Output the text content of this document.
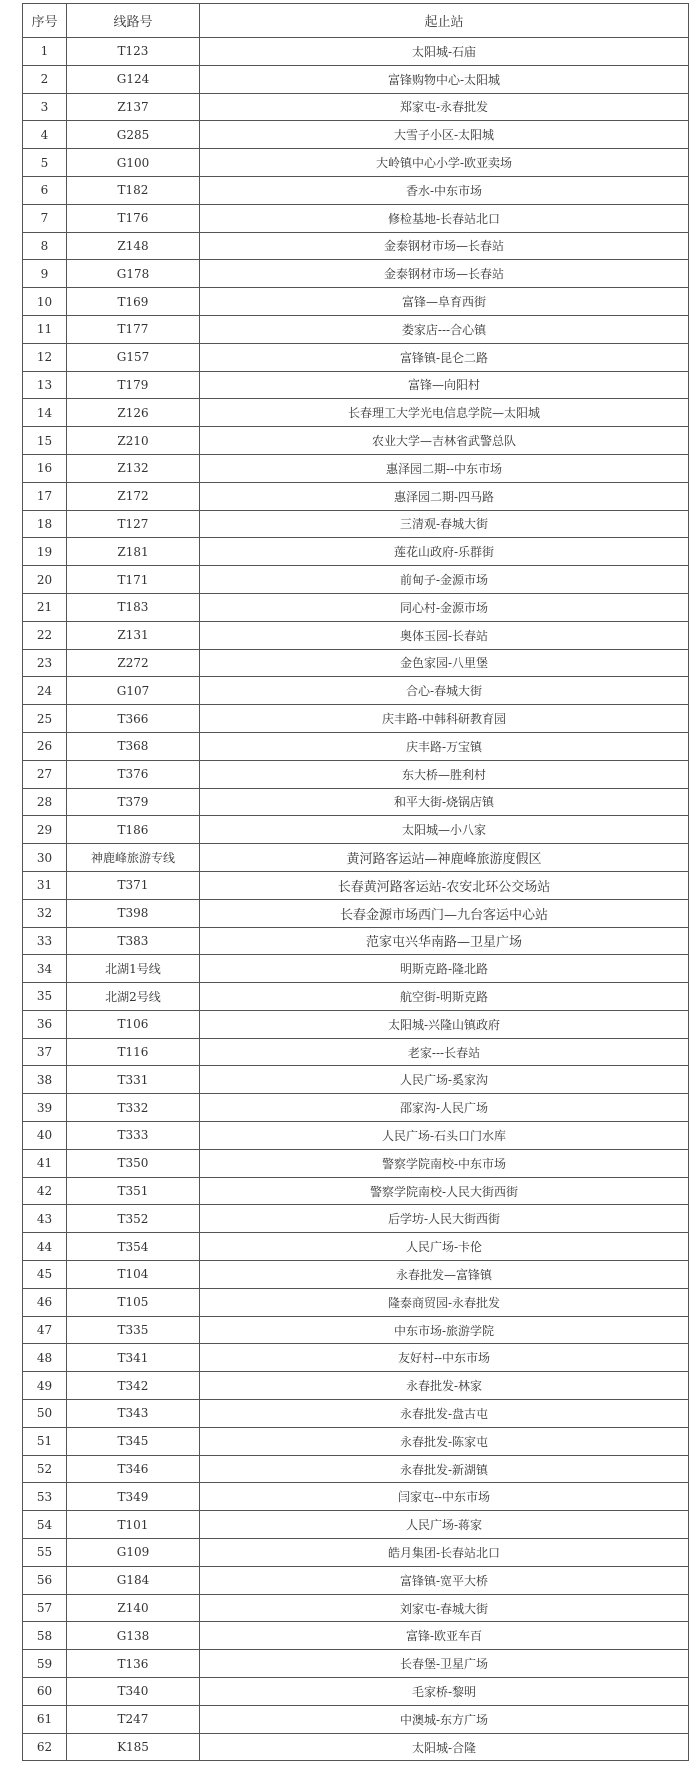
序号	线路号	起止站
1	T123	太阳城-石庙
2	G124	富锋购物中心-太阳城
3	Z137	郑家屯-永春批发
4	G285	大雪子小区-太阳城
5	G100	大岭镇中心小学-欧亚卖场
6	T182	香水-中东市场
7	T176	修检基地-长春站北口
8	Z148	金泰钢材市场—长春站
9	G178	金泰钢材市场—长春站
10	T169	富锋—阜育西街
11	T177	娄家店---合心镇
12	G157	富锋镇-昆仑二路
13	T179	富锋—向阳村
14	Z126	长春理工大学光电信息学院—太阳城
15	Z210	农业大学—吉林省武警总队
16	Z132	惠泽园二期--中东市场
17	Z172	惠泽园二期-四马路
18	T127	三清观-春城大街
19	Z181	莲花山政府-乐群街
20	T171	前甸子-金源市场
21	T183	同心村-金源市场
22	Z131	奥体玉园-长春站
23	Z272	金色家园-八里堡
24	G107	合心-春城大街
25	T366	庆丰路-中韩科研教育园
26	T368	庆丰路-万宝镇
27	T376	东大桥—胜利村
28	T379	和平大街-烧锅店镇
29	T186	太阳城—小八家
30	神鹿峰旅游专线	黄河路客运站—神鹿峰旅游度假区
31	T371	长春黄河路客运站-农安北环公交场站
32	T398	长春金源市场西门—九台客运中心站
33	T383	范家屯兴华南路—卫星广场
34	北湖1号线	明斯克路-隆北路
35	北湖2号线	航空街-明斯克路
36	T106	太阳城-兴隆山镇政府
37	T116	老家---长春站
38	T331	人民广场-奚家沟
39	T332	邵家沟-人民广场
40	T333	人民广场-石头口门水库
41	T350	警察学院南校-中东市场
42	T351	警察学院南校-人民大街西街
43	T352	后学坊-人民大街西街
44	T354	人民广场-卡伦
45	T104	永春批发—富锋镇
46	T105	隆泰商贸园-永春批发
47	T335	中东市场-旅游学院
48	T341	友好村--中东市场
49	T342	永春批发-林家
50	T343	永春批发-盘古屯
51	T345	永春批发-陈家屯
52	T346	永春批发-新湖镇
53	T349	闫家屯--中东市场
54	T101	人民广场-蒋家
55	G109	皓月集团-长春站北口
56	G184	富锋镇-宽平大桥
57	Z140	刘家屯-春城大街
58	G138	富锋-欧亚车百
59	T136	长春堡-卫星广场
60	T340	毛家桥-黎明
61	T247	中澳城-东方广场
62	K185	太阳城-合隆
